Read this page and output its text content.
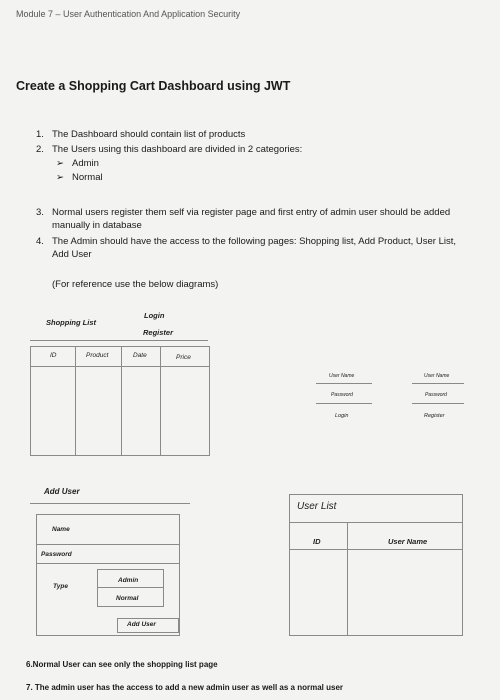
Module 7 – User Authentication And Application Security
Create a Shopping Cart Dashboard using JWT
1. The Dashboard should contain list of products
2. The Users using this dashboard are divided in 2 categories:
➢ Admin
➢ Normal
3. Normal users register them self via register page and first entry of admin user should be added
manually in database
4. The Admin should have the access to the following pages: Shopping list, Add Product, User List,
Add User
(For reference use the below diagrams)
Shopping List
Login
Register
ID	Product	Date	Price
User Name
Password
Login
User Name
Password
Register
Add User
Name
Password
Type
Admin
Normal
Add User
User List
ID	User Name
6.Normal User can see only the shopping list page
7. The admin user has the access to add a new admin user as well as a normal user
